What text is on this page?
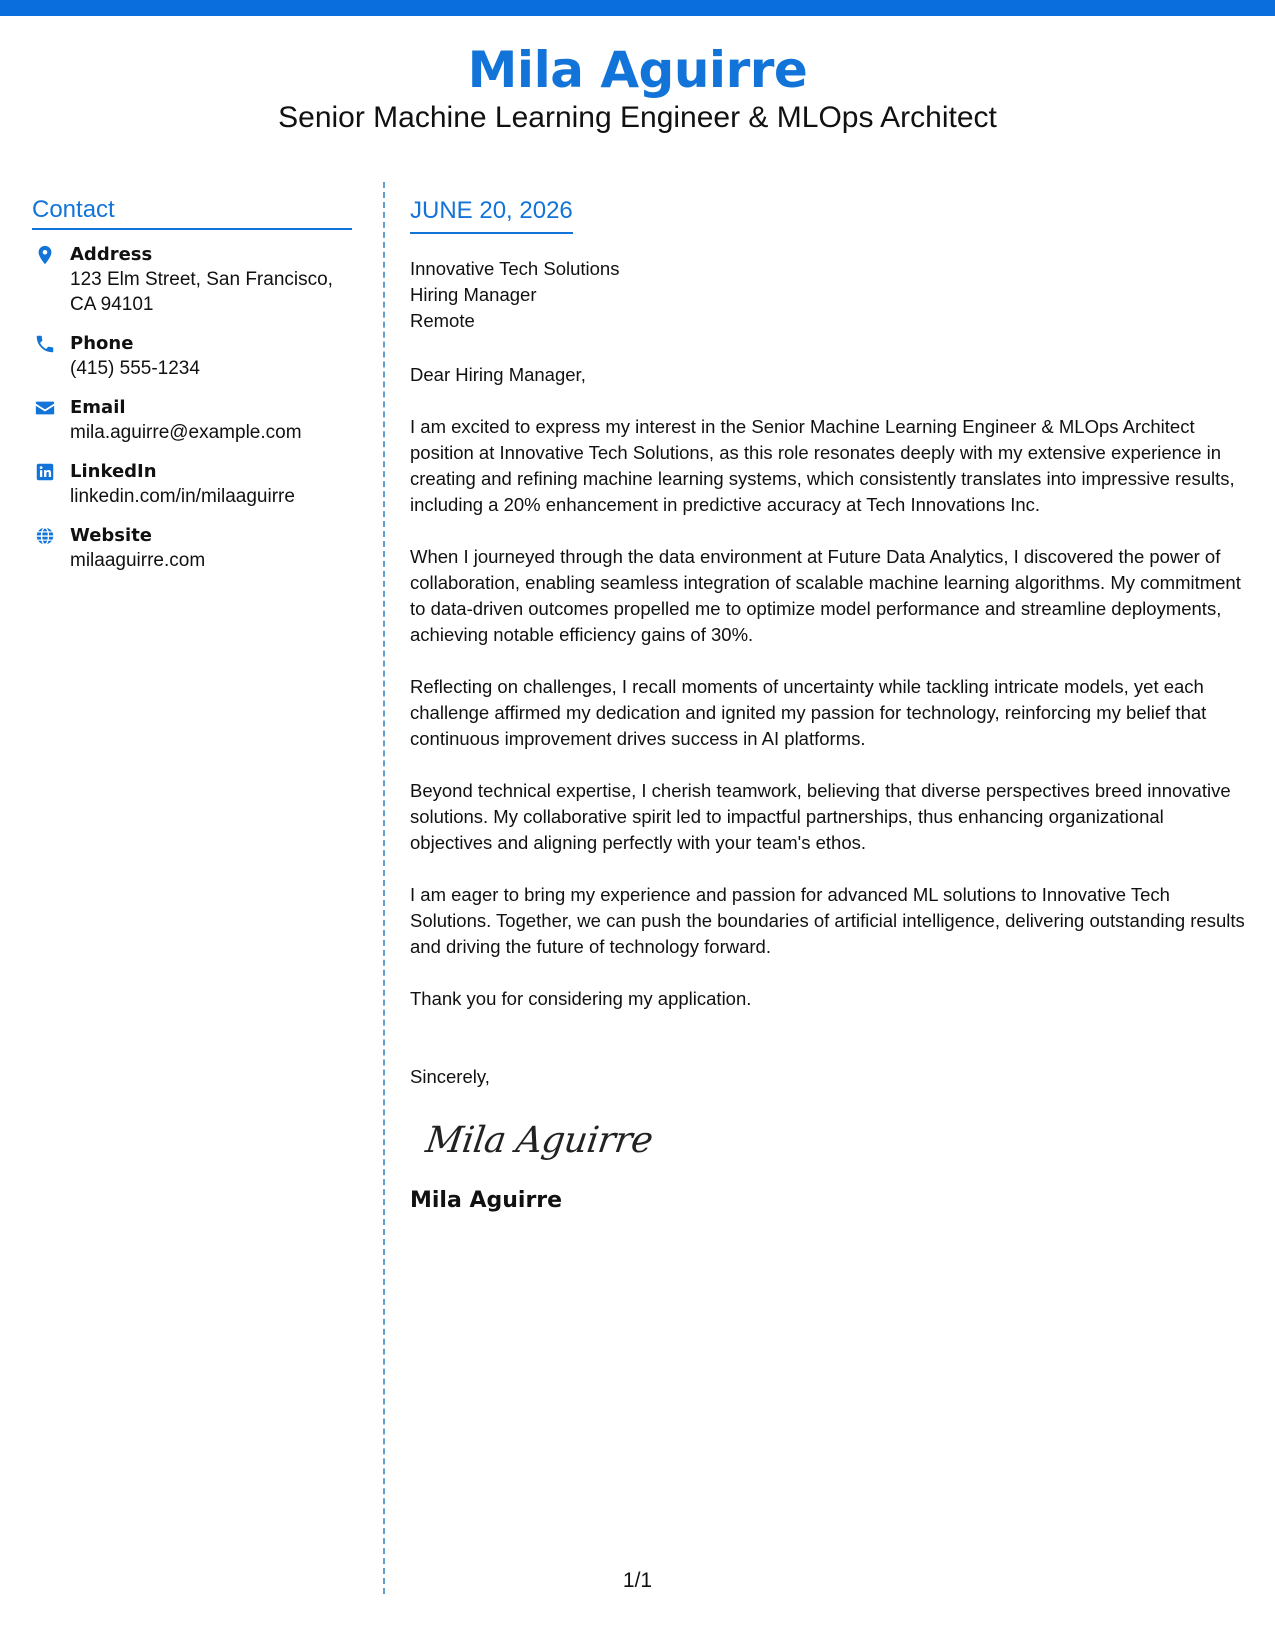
Mila Aguirre
Senior Machine Learning Engineer & MLOps Architect
Contact
Address
123 Elm Street, San Francisco, CA 94101
Phone
(415) 555-1234
Email
mila.aguirre@example.com
LinkedIn
linkedin.com/in/milaaguirre
Website
milaaguirre.com
JUNE 20, 2026
Innovative Tech Solutions
Hiring Manager
Remote
Dear Hiring Manager,
I am excited to express my interest in the Senior Machine Learning Engineer & MLOps Architect position at Innovative Tech Solutions, as this role resonates deeply with my extensive experience in creating and refining machine learning systems, which consistently translates into impressive results, including a 20% enhancement in predictive accuracy at Tech Innovations Inc.
When I journeyed through the data environment at Future Data Analytics, I discovered the power of collaboration, enabling seamless integration of scalable machine learning algorithms. My commitment to data-driven outcomes propelled me to optimize model performance and streamline deployments, achieving notable efficiency gains of 30%.
Reflecting on challenges, I recall moments of uncertainty while tackling intricate models, yet each challenge affirmed my dedication and ignited my passion for technology, reinforcing my belief that continuous improvement drives success in AI platforms.
Beyond technical expertise, I cherish teamwork, believing that diverse perspectives breed innovative solutions. My collaborative spirit led to impactful partnerships, thus enhancing organizational objectives and aligning perfectly with your team's ethos.
I am eager to bring my experience and passion for advanced ML solutions to Innovative Tech Solutions. Together, we can push the boundaries of artificial intelligence, delivering outstanding results and driving the future of technology forward.
Thank you for considering my application.
Sincerely,
Mila Aguirre
Mila Aguirre
1/1
